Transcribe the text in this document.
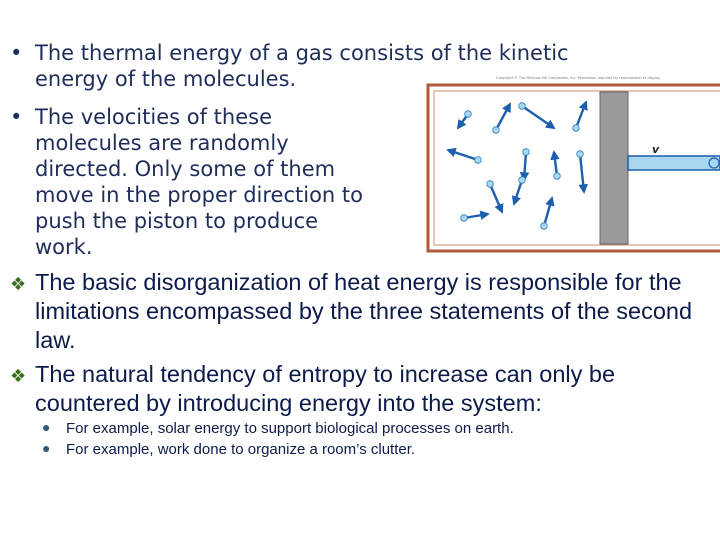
• The thermal energy of a gas consists of the kinetic energy of the molecules.
• The velocities of these molecules are randomly directed. Only some of them move in the proper direction to push the piston to produce work.
❖ The basic disorganization of heat energy is responsible for the limitations encompassed by the three statements of the second law.
❖ The natural tendency of entropy to increase can only be countered by introducing energy into the system:
● For example, solar energy to support biological processes on earth.
● For example, work done to organize a room’s clutter.
Copyright © The McGraw-Hill Companies, Inc. Permission required for reproduction or display.
v
